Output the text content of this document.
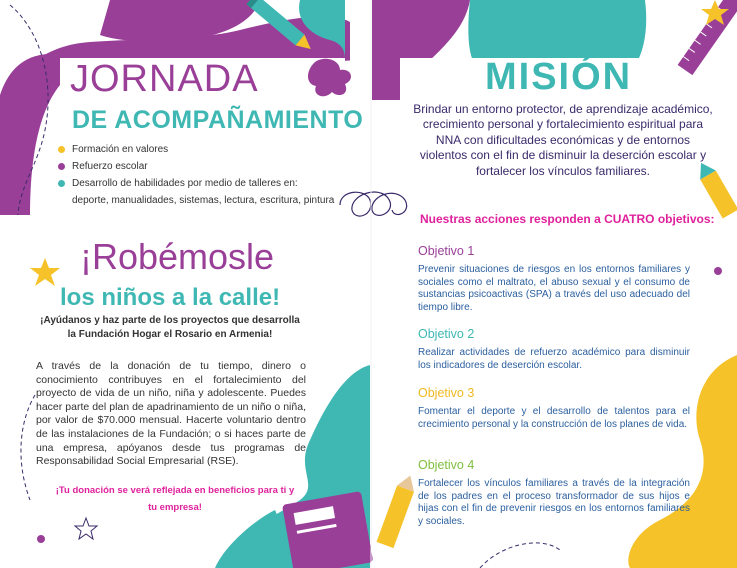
JORNADA
DE ACOMPAÑAMIENTO
Formación en valores
Refuerzo escolar
Desarrollo de habilidades por medio de talleres en:
deporte, manualidades, sistemas, lectura, escritura, pintura
¡Robémosle
los niños a la calle!

¡Ayúdanos y haz parte de los proyectos que desarrolla la Fundación Hogar el Rosario en Armenia!

A través de la donación de tu tiempo, dinero o conocimiento contribuyes en el fortalecimiento del proyecto de vida de un niño, niña y adolescente. Puedes hacer parte del plan de apadrinamiento de un niño o niña, por valor de $70.000 mensual. Hacerte voluntario dentro de las instalaciones de la Fundación; o si haces parte de una empresa, apóyanos desde tus programas de Responsabilidad Social Empresarial (RSE).

¡Tu donación se verá reflejada en beneficios para ti y tu empresa!

MISIÓN

Brindar un entorno protector, de aprendizaje académico, crecimiento personal y fortalecimiento espiritual para NNA con dificultades económicas y de entornos violentos con el fin de disminuir la deserción escolar y fortalecer los vínculos familiares.

Nuestras acciones responden a CUATRO objetivos:
Objetivo 1

Prevenir situaciones de riesgos en los entornos familiares y sociales como el maltrato, el abuso sexual y el consumo de sustancias psicoactivas (SPA) a través del uso adecuado del tiempo libre.

Objetivo 2

Realizar actividades de refuerzo académico para disminuir los indicadores de deserción escolar.

Objetivo 3

Fomentar el deporte y el desarrollo de talentos para el crecimiento personal y la construcción de los planes de vida.

Objetivo 4

Fortalecer los vínculos familiares a través de la integración de los padres en el proceso transformador de sus hijos e hijas con el fin de prevenir riesgos en los entornos familiares y sociales.
